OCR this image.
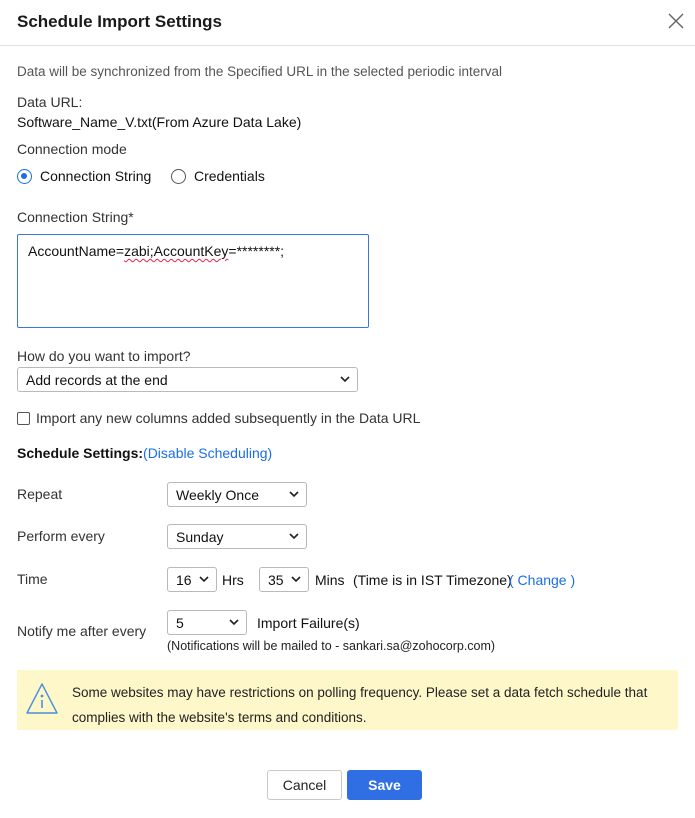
Schedule Import Settings
Data will be synchronized from the Specified URL in the selected periodic interval
Data URL:
Software_Name_V.txt(From Azure Data Lake)
Connection mode
Connection String	Credentials
Connection String*
AccountName=zabi;AccountKey=********;
How do you want to import?
Add records at the end
Import any new columns added subsequently in the Data URL
Schedule Settings:(Disable Scheduling)
Repeat	Weekly Once
Perform every	Sunday
Time	16	Hrs	35	Mins (Time is in IST Timezone)
( Change )
Notify me after every	5	Import Failure(s)
(Notifications will be mailed to - sankari.sa@zohocorp.com)
Some websites may have restrictions on polling frequency. Please set a data fetch schedule that complies with the website's terms and conditions.
Cancel	Save
